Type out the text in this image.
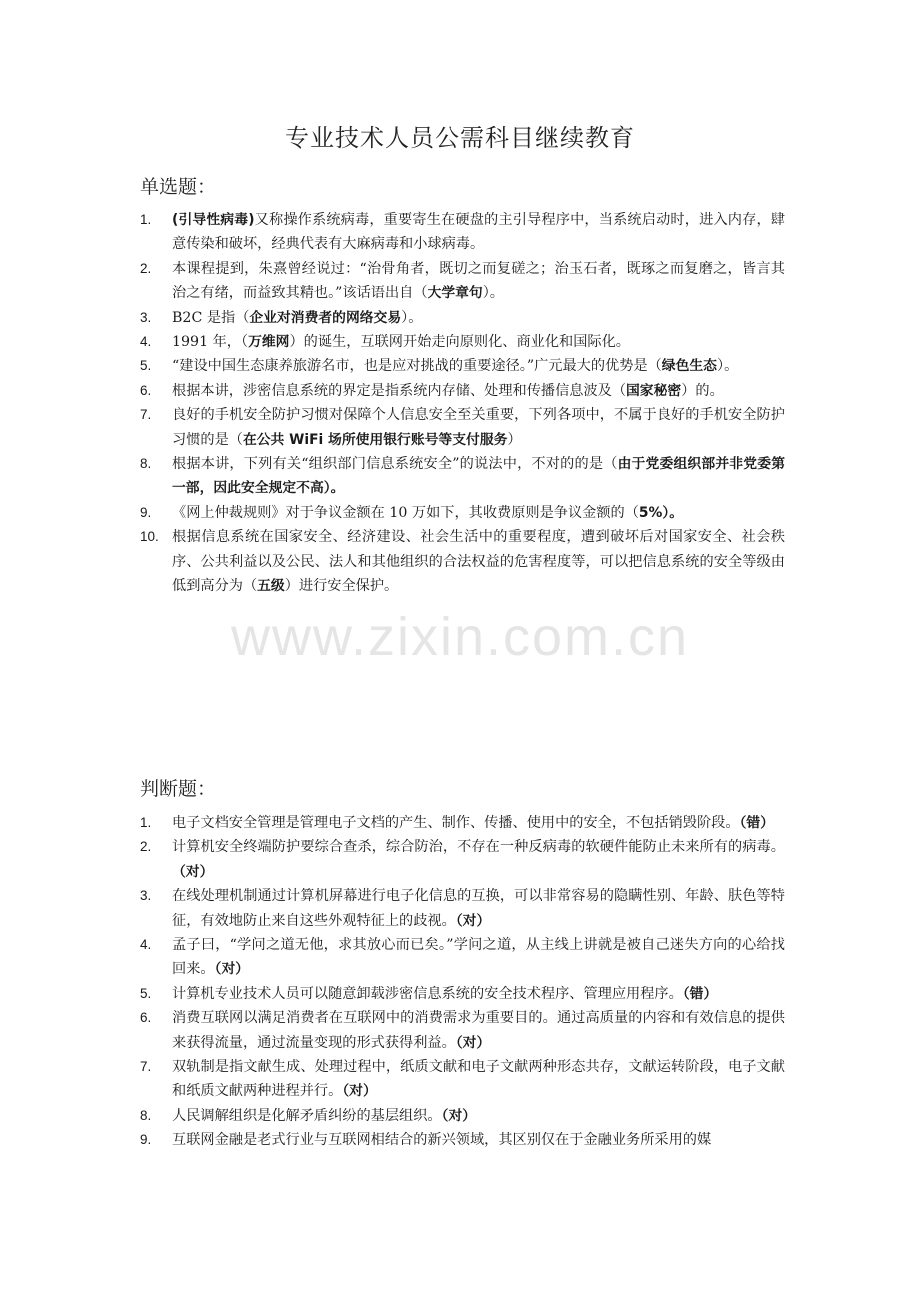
专业技术人员公需科目继续教育
单选题：
1.	(引导性病毒)又称操作系统病毒，重要寄生在硬盘的主引导程序中，当系统启动时，进入内存，肆意传染和破坏，经典代表有大麻病毒和小球病毒。
2.	本课程提到，朱熹曾经说过：“治骨角者，既切之而复磋之；治玉石者，既琢之而复磨之，皆言其治之有绪，而益致其精也。”该话语出自（大学章句）。
3.	B2C 是指（企业对消费者的网络交易）。
4.	1991 年，（万维网）的诞生，互联网开始走向原则化、商业化和国际化。
5.	“建设中国生态康养旅游名市，也是应对挑战的重要途径。”广元最大的优势是（绿色生态）。
6.	根据本讲，涉密信息系统的界定是指系统内存储、处理和传播信息波及（国家秘密）的。
7.	良好的手机安全防护习惯对保障个人信息安全至关重要，下列各项中，不属于良好的手机安全防护习惯的是（在公共 WiFi 场所使用银行账号等支付服务）
8.	根据本讲，下列有关“组织部门信息系统安全”的说法中，不对的的是（由于党委组织部并非党委第一部，因此安全规定不高）。
9.	《网上仲裁规则》对于争议金额在 10 万如下，其收费原则是争议金额的（5%）。
10. 根据信息系统在国家安全、经济建设、社会生活中的重要程度，遭到破坏后对国家安全、社会秩序、公共利益以及公民、法人和其他组织的合法权益的危害程度等，可以把信息系统的安全等级由低到高分为（五级）进行安全保护。
www.zixin.com.cn
判断题：
1.	电子文档安全管理是管理电子文档的产生、制作、传播、使用中的安全，不包括销毁阶段。（错）
2.	计算机安全终端防护要综合查杀，综合防治，不存在一种反病毒的软硬件能防止未来所有的病毒。（对）
3.	在线处理机制通过计算机屏幕进行电子化信息的互换，可以非常容易的隐瞒性别、年龄、肤色等特征，有效地防止来自这些外观特征上的歧视。（对）
4.	孟子曰，“学问之道无他，求其放心而已矣。”学问之道，从主线上讲就是被自己迷失方向的心给找回来。（对）
5.	计算机专业技术人员可以随意卸载涉密信息系统的安全技术程序、管理应用程序。（错）
6.	消费互联网以满足消费者在互联网中的消费需求为重要目的。通过高质量的内容和有效信息的提供来获得流量，通过流量变现的形式获得利益。（对）
7.	双轨制是指文献生成、处理过程中，纸质文献和电子文献两种形态共存，文献运转阶段，电子文献和纸质文献两种进程并行。（对）
8.	人民调解组织是化解矛盾纠纷的基层组织。（对）
9.	互联网金融是老式行业与互联网相结合的新兴领域，其区别仅在于金融业务所采用的媒
